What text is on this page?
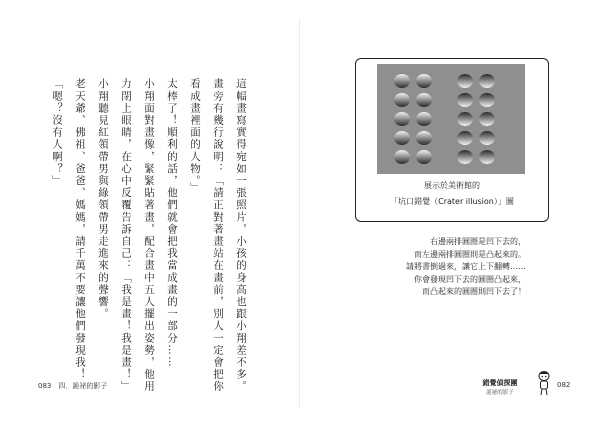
這幅畫寫實得宛如一張照片，小孩的身高也跟小翔差不多。
畫旁有幾行說明：「請正對著畫站在畫前，別人一定會把你
看成畫裡面的人物。」
太棒了！順利的話，他們就會把我當成畫的一部分……
小翔面對畫像，緊緊貼著畫，配合畫中五人擺出姿勢，他用
力閉上眼睛，在心中反覆告訴自己：「我是畫！我是畫！」
小翔聽見紅領帶男與綠領帶男走進來的聲響。
老天爺、佛祖、爸爸、媽媽，請千萬不要讓他們發現我！
「嗯？沒有人啊？」
083　四．詭祕的影子
展示於美術館的
「坑口錯覺（Crater illusion）」圖
右邊兩排圓圈是凹下去的，
而左邊兩排圓圈則是凸起來的。
請將書倒過來，讓它上下翻轉……
你會發現凹下去的圓圈凸起來，
而凸起來的圓圈則凹下去了！
錯覺偵探團
詭祕的影子
082
